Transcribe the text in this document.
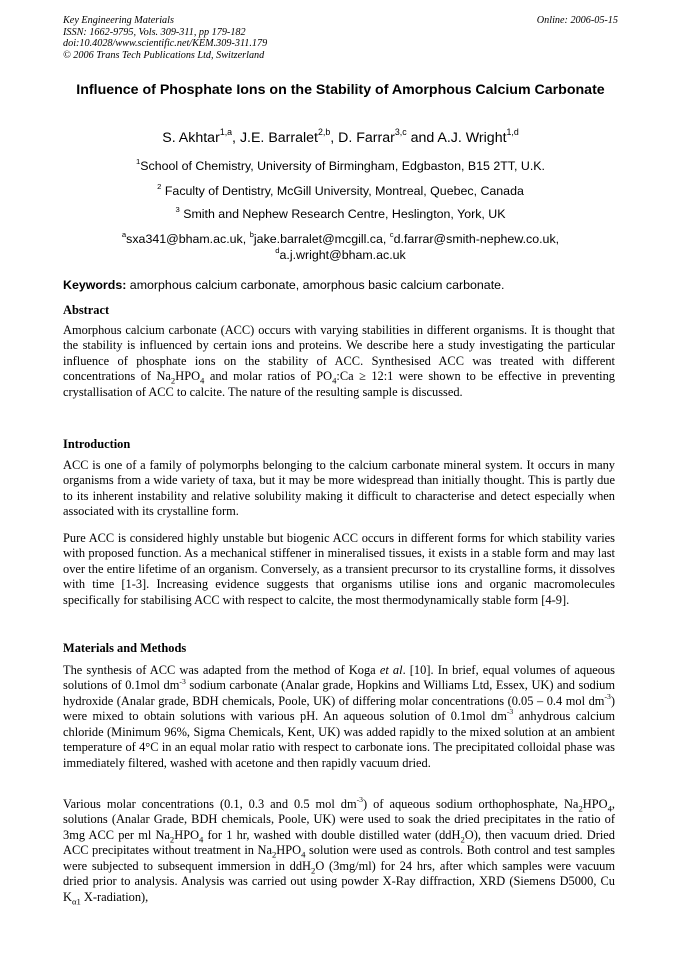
Key Engineering Materials
ISSN: 1662-9795, Vols. 309-311, pp 179-182
doi:10.4028/www.scientific.net/KEM.309-311.179
© 2006 Trans Tech Publications Ltd, Switzerland
Online: 2006-05-15
Influence of Phosphate Ions on the Stability of Amorphous Calcium Carbonate
S. Akhtar$^{1,a}$, J.E. Barralet$^{2,b}$, D. Farrar$^{3,c}$ and A.J. Wright$^{1,d}$
$^1$School of Chemistry, University of Birmingham, Edgbaston, B15 2TT, U.K.
$^2$ Faculty of Dentistry, McGill University, Montreal, Quebec, Canada
$^3$ Smith and Nephew Research Centre, Heslington, York, UK
$^a$sxa341@bham.ac.uk, $^b$jake.barralet@mcgill.ca, $^c$d.farrar@smith-nephew.co.uk,
$^d$a.j.wright@bham.ac.uk
Keywords: amorphous calcium carbonate, amorphous basic calcium carbonate.
Abstract
Amorphous calcium carbonate (ACC) occurs with varying stabilities in different organisms. It is thought that the stability is influenced by certain ions and proteins. We describe here a study investigating the particular influence of phosphate ions on the stability of ACC. Synthesised ACC was treated with different concentrations of $Na_2HPO_4$ and molar ratios of $PO_4:Ca$ ≥ 12:1 were shown to be effective in preventing crystallisation of ACC to calcite. The nature of the resulting sample is discussed.
Introduction
ACC is one of a family of polymorphs belonging to the calcium carbonate mineral system. It occurs in many organisms from a wide variety of taxa, but it may be more widespread than initially thought. This is partly due to its inherent instability and relative solubility making it difficult to characterise and detect especially when associated with its crystalline form.
Pure ACC is considered highly unstable but biogenic ACC occurs in different forms for which stability varies with proposed function. As a mechanical stiffener in mineralised tissues, it exists in a stable form and may last over the entire lifetime of an organism. Conversely, as a transient precursor to its crystalline forms, it dissolves with time [1-3]. Increasing evidence suggests that organisms utilise ions and organic macromolecules specifically for stabilising ACC with respect to calcite, the most thermodynamically stable form [4-9].
Materials and Methods
The synthesis of ACC was adapted from the method of Koga et al. [10]. In brief, equal volumes of aqueous solutions of 0.1mol $dm^{-3}$ sodium carbonate (Analar grade, Hopkins and Williams Ltd, Essex, UK) and sodium hydroxide (Analar grade, BDH chemicals, Poole, UK) of differing molar concentrations (0.05 – 0.4 mol $dm^{-3}$) were mixed to obtain solutions with various pH. An aqueous solution of 0.1mol $dm^{-3}$ anhydrous calcium chloride (Minimum 96%, Sigma Chemicals, Kent, UK) was added rapidly to the mixed solution at an ambient temperature of 4°C in an equal molar ratio with respect to carbonate ions. The precipitated colloidal phase was immediately filtered, washed with acetone and then rapidly vacuum dried.
Various molar concentrations (0.1, 0.3 and 0.5 mol $dm^{-3}$) of aqueous sodium orthophosphate, $Na_2HPO_4$, solutions (Analar Grade, BDH chemicals, Poole, UK) were used to soak the dried precipitates in the ratio of 3mg ACC per ml $Na_2HPO_4$ for 1 hr, washed with double distilled water (ddH$_2$O), then vacuum dried. Dried ACC precipitates without treatment in $Na_2HPO_4$ solution were used as controls. Both control and test samples were subjected to subsequent immersion in ddH$_2$O (3mg/ml) for 24 hrs, after which samples were vacuum dried prior to analysis. Analysis was carried out using powder X-Ray diffraction, XRD (Siemens D5000, Cu $K_{\alpha 1}$ X-radiation),
